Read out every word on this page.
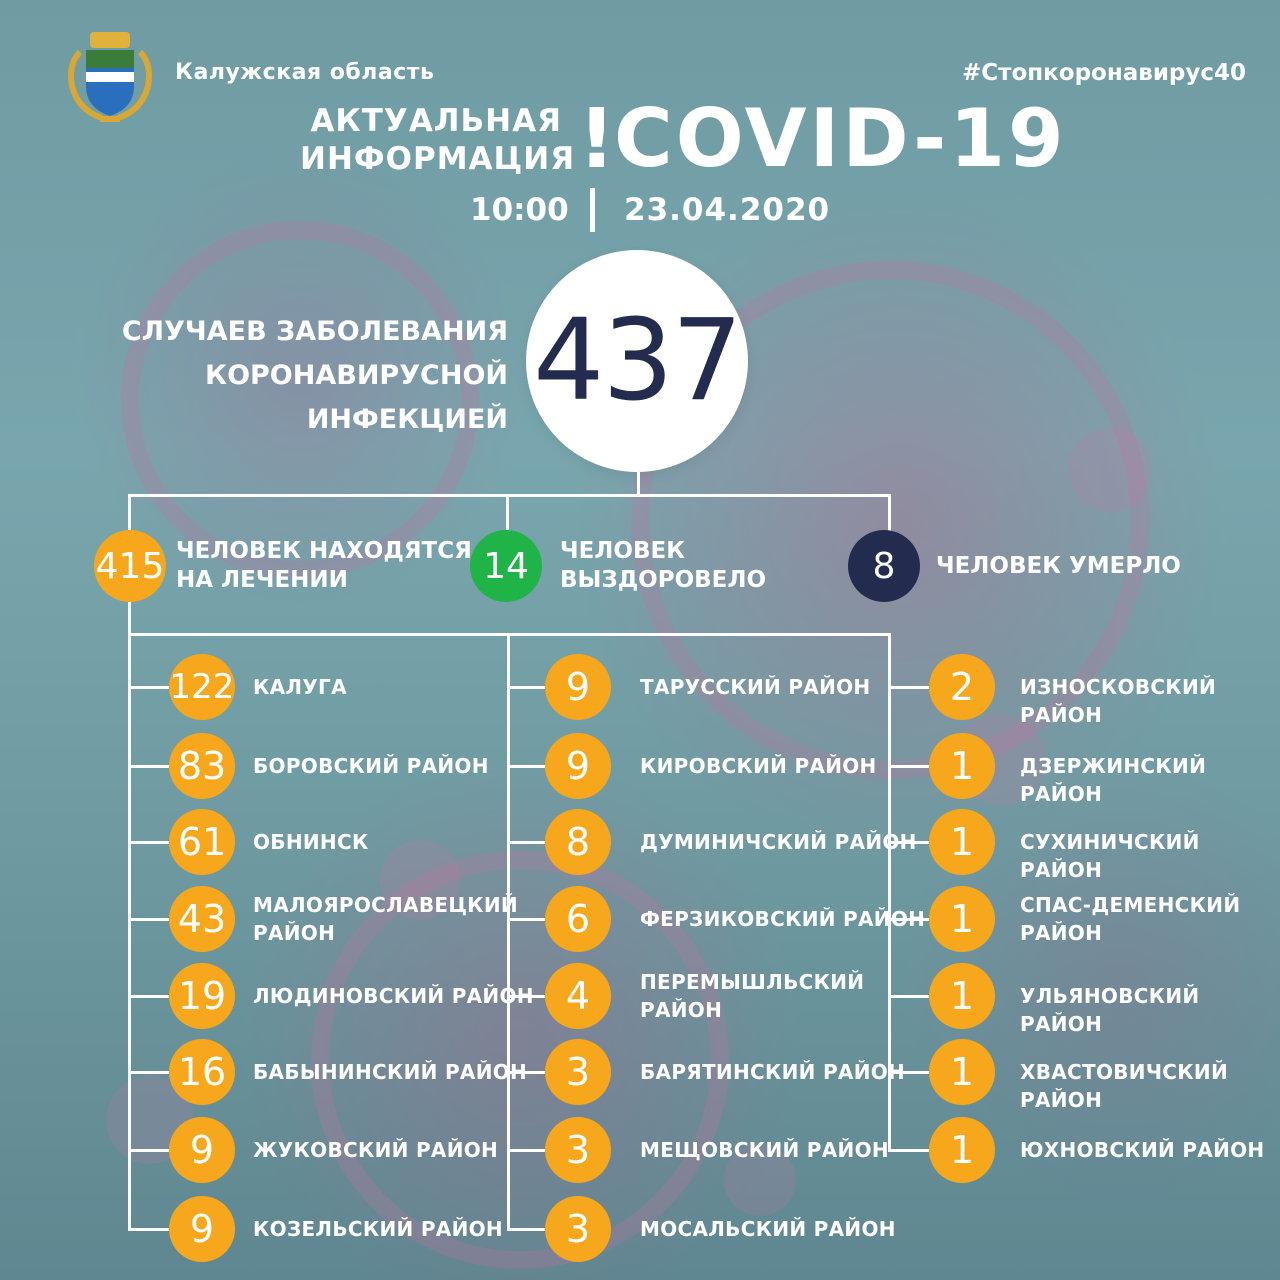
Калужская область	#Стопкоронавирус40
АКТУАЛЬНАЯ
ИНФОРМАЦИЯ !
COVID-19
10:00 23.04.2020
СЛУЧАЕВ ЗАБОЛЕВАНИЯ
КОРОНАВИРУСНОЙ ИНФЕКЦИЕЙ 437
415 ЧЕЛОВЕК НАХОДЯТСЯ
НА ЛЕЧЕНИИ	14	ЧЕЛОВЕК
ВЫЗДОРОВЕЛО	8	ЧЕЛОВЕК УМЕРЛО
122 КАЛУГА
83	БОРОВСКИЙ РАЙОН
61	ОБНИНСК
43	МАЛОЯРОСЛАВЕЦКИЙ
РАЙОН
19	ЛЮДИНОВСКИЙ РАЙОН
16	БАБЫНИНСКИЙ РАЙОН
9	ЖУКОВСКИЙ РАЙОН
9	КОЗЕЛЬСКИЙ РАЙОН
9	ТАРУССКИЙ РАЙОН
9	КИРОВСКИЙ РАЙОН
8	ДУМИНИЧСКИЙ РАЙОН
6	ФЕРЗИКОВСКИЙ РАЙОН
4	ПЕРЕМЫШЛЬСКИЙ
РАЙОН
3	БАРЯТИНСКИЙ РАЙОН
3	МЕЩОВСКИЙ РАЙОН
3	МОСАЛЬСКИЙ РАЙОН
2	ИЗНОСКОВСКИЙ РАЙОН
1	ДЗЕРЖИНСКИЙ РАЙОН
1	СУХИНИЧСКИЙ РАЙОН
1	СПАС-ДЕМЕНСКИЙ
РАЙОН
1	УЛЬЯНОВСКИЙ РАЙОН
1	ХВАСТОВИЧСКИЙ РАЙОН
1	ЮХНОВСКИЙ РАЙОН
